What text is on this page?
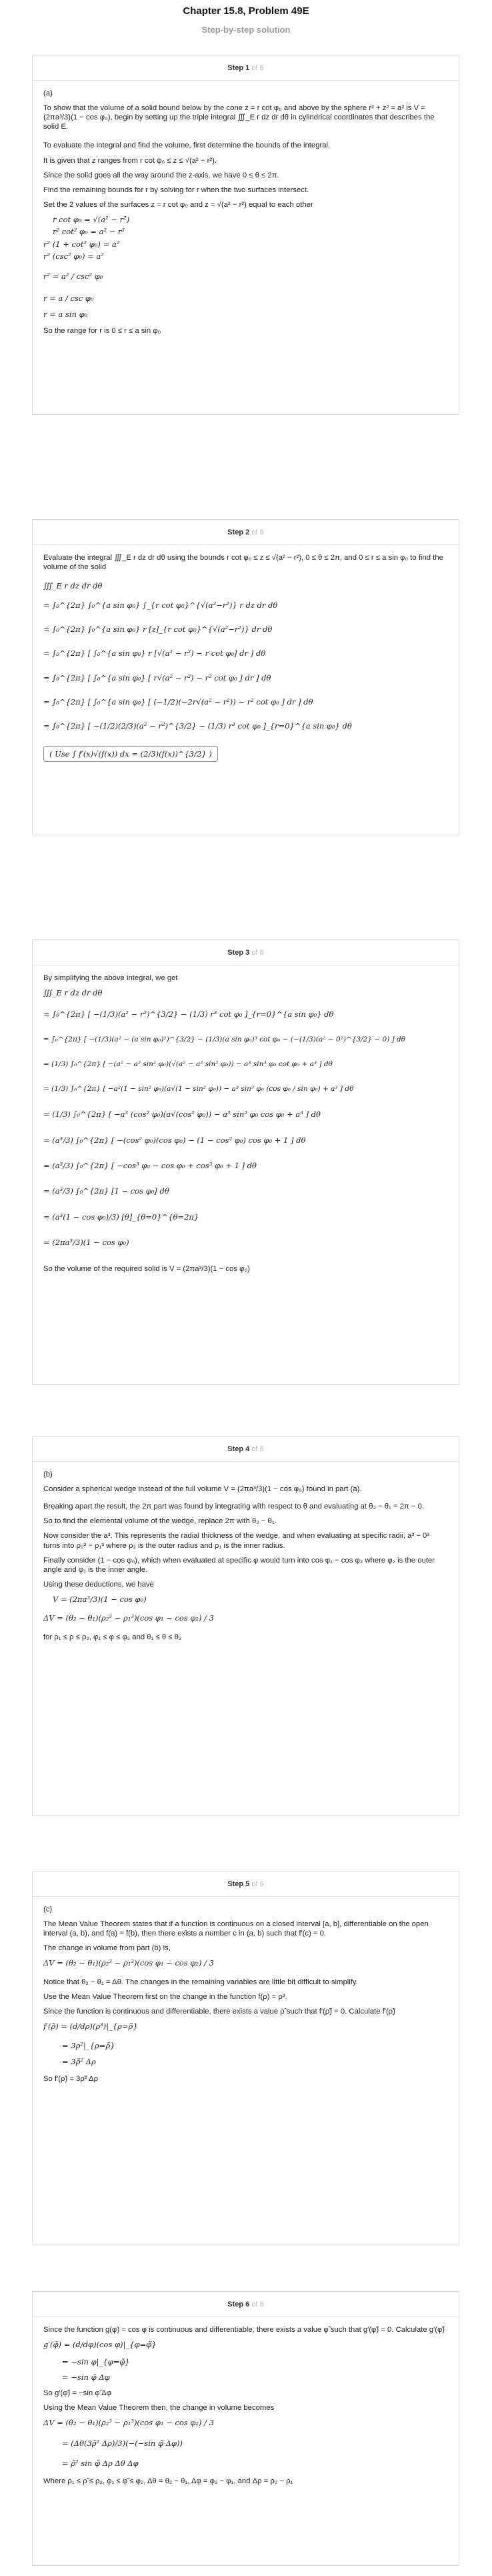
Chapter 15.8, Problem 49E
Step-by-step solution
Step 1 of 6

(a)

To show that the volume of a solid bound below by the cone z = r cot φ₀ and above by the sphere r² + z² = a² is V = (2πa³/3)(1 − cos φ₀), begin by setting up the triple integral ∭_E r dz dr dθ in cylindrical coordinates that describes the solid E.

To evaluate the integral and find the volume, first determine the bounds of the integral.

It is given that z ranges from r cot φ₀ ≤ z ≤ √(a² − r²).

Since the solid goes all the way around the z-axis, we have 0 ≤ θ ≤ 2π.

Find the remaining bounds for r by solving for r when the two surfaces intersect.

Set the 2 values of the surfaces z = r cot φ₀ and z = √(a² − r²) equal to each other

r cot φ₀ = √(a² − r²)

r² cot² φ₀ = a² − r²

r² (1 + cot² φ₀) = a²

r² (csc² φ₀) = a²

r² = a² / csc² φ₀

r = a / csc φ₀

r = a sin φ₀

So the range for r is 0 ≤ r ≤ a sin φ₀

Step 2 of 6

Evaluate the integral ∭_E r dz dr dθ using the bounds r cot φ₀ ≤ z ≤ √(a² − r²), 0 ≤ θ ≤ 2π, and 0 ≤ r ≤ a sin φ₀ to find the volume of the solid

∭_E r dz dr dθ

= ∫₀^{2π} ∫₀^{a sin φ₀} ∫_{r cot φ₀}^{√(a²−r²)} r dz dr dθ

= ∫₀^{2π} ∫₀^{a sin φ₀} r [z]_{r cot φ₀}^{√(a²−r²)} dr dθ

= ∫₀^{2π} [ ∫₀^{a sin φ₀} r [√(a² − r²) − r cot φ₀] dr ] dθ

= ∫₀^{2π} [ ∫₀^{a sin φ₀} [ r√(a² − r²) − r² cot φ₀ ] dr ] dθ

= ∫₀^{2π} [ ∫₀^{a sin φ₀} [ (−1/2)(−2r√(a² − r²)) − r² cot φ₀ ] dr ] dθ

= ∫₀^{2π} [ −(1/2)(2/3)(a² − r²)^{3/2} − (1/3) r³ cot φ₀ ]_{r=0}^{a sin φ₀} dθ

( Use ∫ f′(x)√(f(x)) dx = (2/3)(f(x))^{3/2} )

Step 3 of 6

By simplifying the above integral, we get

∭_E r dz dr dθ

= ∫₀^{2π} [ −(1/3)(a² − r²)^{3/2} − (1/3) r³ cot φ₀ ]_{r=0}^{a sin φ₀} dθ

= ∫₀^{2π} [ −(1/3)(a² − (a sin φ₀)²)^{3/2} − (1/3)(a sin φ₀)³ cot φ₀ − (−(1/3)(a² − 0²)^{3/2} − 0) ] dθ

= (1/3) ∫₀^{2π} [ −(a² − a² sin² φ₀)(√(a² − a² sin² φ₀)) − a³ sin³ φ₀ cot φ₀ + a³ ] dθ

= (1/3) ∫₀^{2π} [ −a²(1 − sin² φ₀)(a√(1 − sin² φ₀)) − a³ sin³ φ₀ (cos φ₀ / sin φ₀) + a³ ] dθ

= (1/3) ∫₀^{2π} [ −a³ (cos² φ₀)(a√(cos² φ₀)) − a³ sin² φ₀ cos φ₀ + a³ ] dθ

= (a³/3) ∫₀^{2π} [ −(cos² φ₀)(cos φ₀) − (1 − cos² φ₀) cos φ₀ + 1 ] dθ

= (a³/3) ∫₀^{2π} [ −cos³ φ₀ − cos φ₀ + cos³ φ₀ + 1 ] dθ

= (a³/3) ∫₀^{2π} [1 − cos φ₀] dθ

= (a³(1 − cos φ₀)/3) [θ]_{θ=0}^{θ=2π}

= (2πa³/3)(1 − cos φ₀)

So the volume of the required solid is V = (2πa³/3)(1 − cos φ₀)

Step 4 of 6

(b)

Consider a spherical wedge instead of the full volume V = (2πa³/3)(1 − cos φ₀) found in part (a).

Breaking apart the result, the 2π part was found by integrating with respect to θ and evaluating at θ₂ − θ₁ = 2π − 0.

So to find the elemental volume of the wedge, replace 2π with θ₂ − θ₁.

Now consider the a³. This represents the radial thickness of the wedge, and when evaluating at specific radii, a³ − 0³ turns into ρ₂³ − ρ₁³ where ρ₂ is the outer radius and ρ₁ is the inner radius.

Finally consider (1 − cos φ₀), which when evaluated at specific φ would turn into cos φ₁ − cos φ₂ where φ₂ is the outer angle and φ₁ is the inner angle.

Using these deductions, we have

V = (2πa³/3)(1 − cos φ₀)

ΔV = (θ₂ − θ₁)(ρ₂³ − ρ₁³)(cos φ₁ − cos φ₂) / 3

for ρ₁ ≤ ρ ≤ ρ₂, φ₁ ≤ φ ≤ φ₂ and θ₁ ≤ θ ≤ θ₂

Step 5 of 6

(c)

The Mean Value Theorem states that if a function is continuous on a closed interval [a, b], differentiable on the open interval (a, b), and f(a) = f(b), then there exists a number c in (a, b) such that f′(c) = 0.

The change in volume from part (b) is,

ΔV = (θ₂ − θ₁)(ρ₂³ − ρ₁³)(cos φ₁ − cos φ₂) / 3

Notice that θ₂ − θ₁ = Δθ. The changes in the remaining variables are little bit difficult to simplify.

Use the Mean Value Theorem first on the change in the function f(ρ) = ρ³.

Since the function is continuous and differentiable, there exists a value ρ̃ such that f′(ρ̃) = 0. Calculate f′(ρ̃)

f′(ρ̃) = (d/dρ)(ρ³)|_{ρ=ρ̃}

= 3ρ²|_{ρ=ρ̃}

= 3ρ̃² Δρ

So f′(ρ̃) = 3ρ̃² Δρ

Step 6 of 6

Since the function g(φ) = cos φ is continuous and differentiable, there exists a value φ̃ such that g′(φ̃) = 0. Calculate g′(φ̃)

g′(φ̃) = (d/dφ)(cos φ)|_{φ=φ̃}

= −sin φ|_{φ=φ̃}

= −sin φ̃ Δφ

So g′(φ̃) = −sin φ̃ Δφ

Using the Mean Value Theorem then, the change in volume becomes

ΔV = (θ₂ − θ₁)(ρ₂³ − ρ₁³)(cos φ₁ − cos φ₂) / 3

= (Δθ(3ρ̃² Δρ)/3)(−(−sin φ̃ Δφ))

= ρ̃² sin φ̃ Δρ Δθ Δφ

Where ρ₁ ≤ ρ̃ ≤ ρ₂, φ₁ ≤ φ̃ ≤ φ₂, Δθ = θ₂ − θ₁, Δφ = φ₂ − φ₁, and Δρ = ρ₂ − ρ₁
